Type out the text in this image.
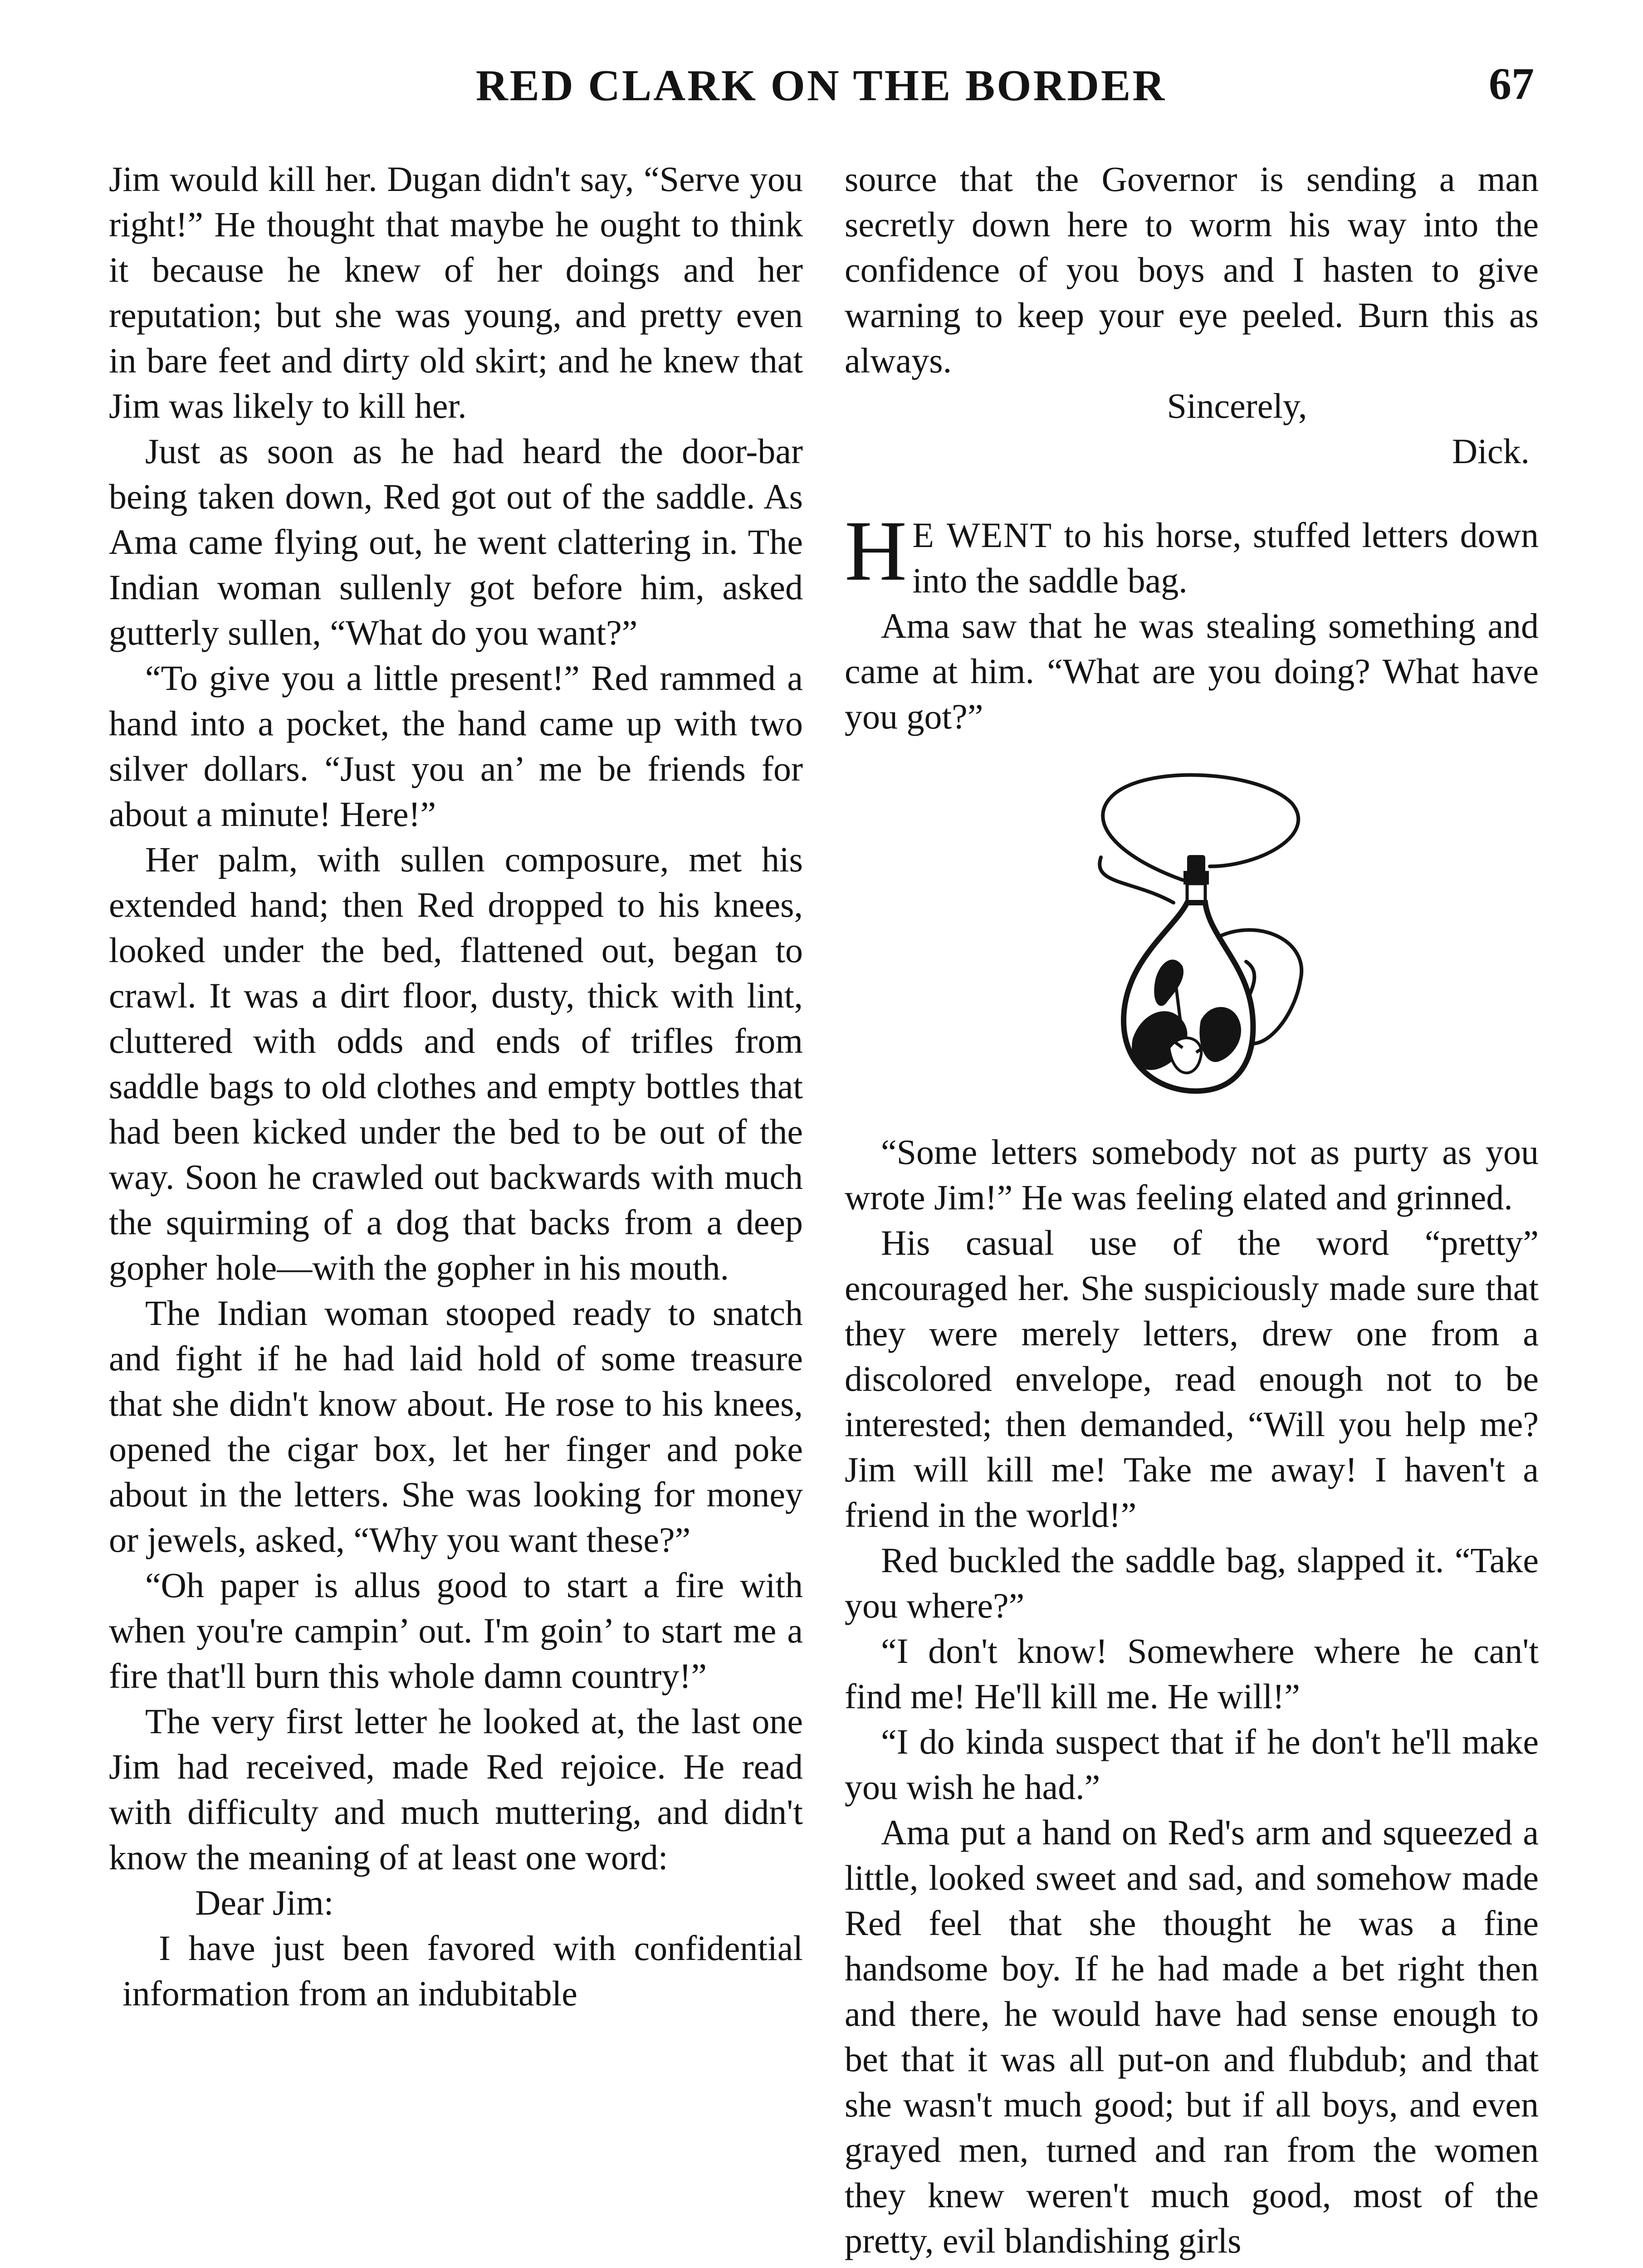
RED CLARK ON THE BORDER	67

Jim would kill her. Dugan didn't say, “Serve you right!” He thought that maybe he ought to think it because he knew of her doings and her reputation; but she was young, and pretty even in bare feet and dirty old skirt; and he knew that Jim was likely to kill her.

Just as soon as he had heard the door-bar being taken down, Red got out of the saddle. As Ama came flying out, he went clattering in. The Indian woman sullenly got before him, asked gutterly sullen, “What do you want?”

“To give you a little present!” Red rammed a hand into a pocket, the hand came up with two silver dollars. “Just you an’ me be friends for about a minute! Here!”

Her palm, with sullen composure, met his extended hand; then Red dropped to his knees, looked under the bed, flattened out, began to crawl. It was a dirt floor, dusty, thick with lint, cluttered with odds and ends of trifles from saddle bags to old clothes and empty bottles that had been kicked under the bed to be out of the way. Soon he crawled out backwards with much the squirming of a dog that backs from a deep gopher hole—with the gopher in his mouth.

The Indian woman stooped ready to snatch and fight if he had laid hold of some treasure that she didn't know about. He rose to his knees, opened the cigar box, let her finger and poke about in the letters. She was looking for money or jewels, asked, “Why you want these?”

“Oh paper is allus good to start a fire with when you're campin’ out. I'm goin’ to start me a fire that'll burn this whole damn country!”

The very first letter he looked at, the last one Jim had received, made Red rejoice. He read with difficulty and much muttering, and didn't know the meaning of at least one word:

Dear Jim:

I have just been favored with confidential information from an indubitable

source that the Governor is sending a man secretly down here to worm his way into the confidence of you boys and I hasten to give warning to keep your eye peeled. Burn this as always.

Sincerely,

Dick.

H E WENT to his horse, stuffed letters down into the saddle bag.

Ama saw that he was stealing something and came at him. “What are you doing? What have you got?”

“Some letters somebody not as purty as you wrote Jim!” He was feeling elated and grinned.

His casual use of the word “pretty” encouraged her. She suspiciously made sure that they were merely letters, drew one from a discolored envelope, read enough not to be interested; then demanded, “Will you help me? Jim will kill me! Take me away! I haven't a friend in the world!”

Red buckled the saddle bag, slapped it. “Take you where?”

“I don't know! Somewhere where he can't find me! He'll kill me. He will!”

“I do kinda suspect that if he don't he'll make you wish he had.”

Ama put a hand on Red's arm and squeezed a little, looked sweet and sad, and somehow made Red feel that she thought he was a fine handsome boy. If he had made a bet right then and there, he would have had sense enough to bet that it was all put-on and flubdub; and that she wasn't much good; but if all boys, and even grayed men, turned and ran from the women they knew weren't much good, most of the pretty, evil blandishing girls
